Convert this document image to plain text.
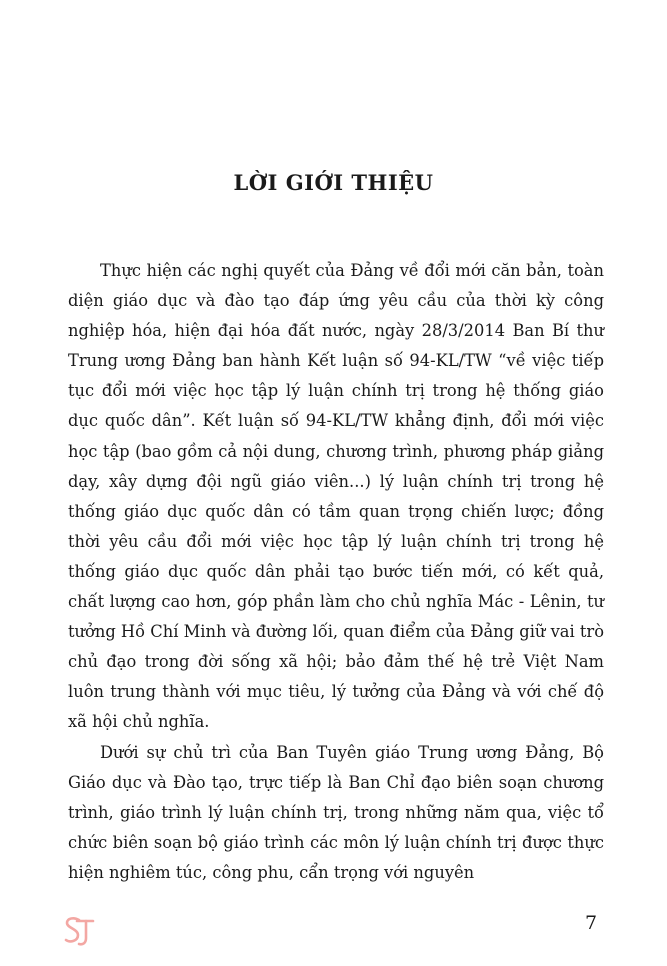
LỜI GIỚI THIỆU

Thực hiện các nghị quyết của Đảng về đổi mới căn bản, toàn diện giáo dục và đào tạo đáp ứng yêu cầu của thời kỳ công nghiệp hóa, hiện đại hóa đất nước, ngày 28/3/2014 Ban Bí thư Trung ương Đảng ban hành Kết luận số 94-KL/TW “về việc tiếp tục đổi mới việc học tập lý luận chính trị trong hệ thống giáo dục quốc dân”. Kết luận số 94-KL/TW khẳng định, đổi mới việc học tập (bao gồm cả nội dung, chương trình, phương pháp giảng dạy, xây dựng đội ngũ giáo viên...) lý luận chính trị trong hệ thống giáo dục quốc dân có tầm quan trọng chiến lược; đồng thời yêu cầu đổi mới việc học tập lý luận chính trị trong hệ thống giáo dục quốc dân phải tạo bước tiến mới, có kết quả, chất lượng cao hơn, góp phần làm cho chủ nghĩa Mác - Lênin, tư tưởng Hồ Chí Minh và đường lối, quan điểm của Đảng giữ vai trò chủ đạo trong đời sống xã hội; bảo đảm thế hệ trẻ Việt Nam luôn trung thành với mục tiêu, lý tưởng của Đảng và với chế độ xã hội chủ nghĩa.

Dưới sự chủ trì của Ban Tuyên giáo Trung ương Đảng, Bộ Giáo dục và Đào tạo, trực tiếp là Ban Chỉ đạo biên soạn chương trình, giáo trình lý luận chính trị, trong những năm qua, việc tổ chức biên soạn bộ giáo trình các môn lý luận chính trị được thực hiện nghiêm túc, công phu, cẩn trọng với nguyên

7
